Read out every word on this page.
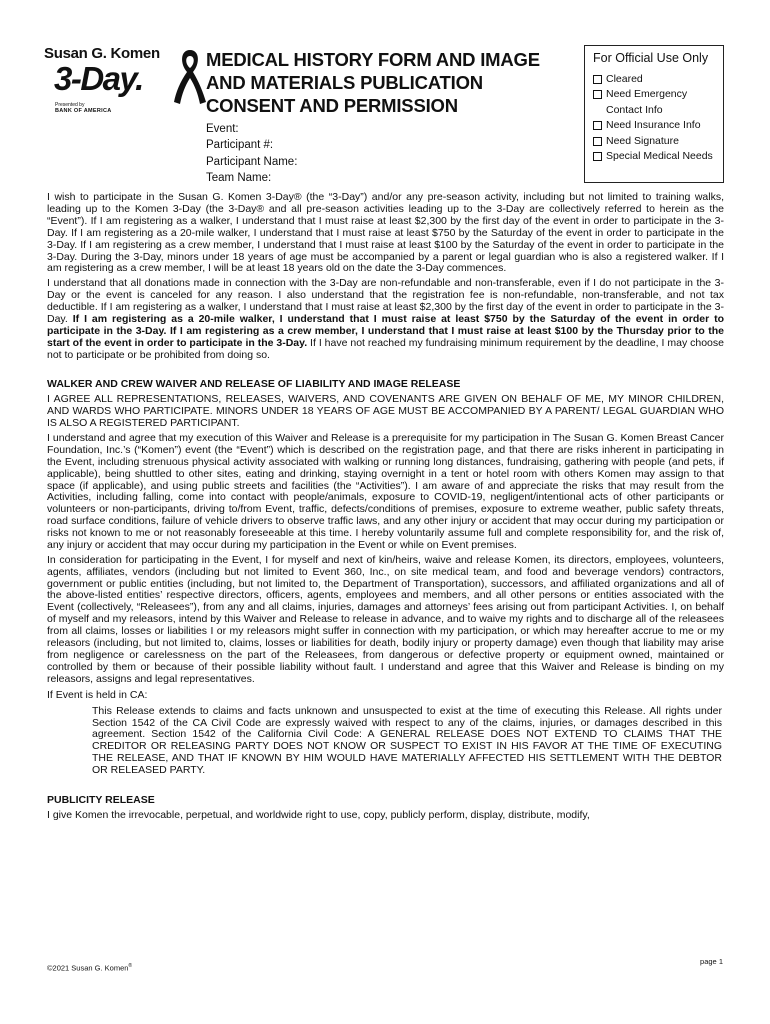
Susan G. Komen
3-Day.
Presented by
BANK OF AMERICA
MEDICAL HISTORY FORM AND IMAGE
AND MATERIALS PUBLICATION
CONSENT AND PERMISSION
Event:
Participant #:
Participant Name:
Team Name:
For Official Use Only
Cleared
Need Emergency Contact Info
Need Insurance Info
Need Signature
Special Medical Needs

I wish to participate in the Susan G. Komen 3-Day® (the “3-Day”) and/or any pre-season activity, including but not limited to training walks, leading up to the Komen 3-Day (the 3-Day® and all pre-season activities leading up to the 3-Day are collectively referred to herein as the “Event”). If I am registering as a walker, I understand that I must raise at least $2,300 by the first day of the event in order to participate in the 3-Day. If I am registering as a 20-mile walker, I understand that I must raise at least $750 by the Saturday of the event in order to participate in the 3-Day. If I am registering as a crew member, I understand that I must raise at least $100 by the Saturday of the event in order to participate in the 3-Day. During the 3-Day, minors under 18 years of age must be accompanied by a parent or legal guardian who is also a registered walker. If I am registering as a crew member, I will be at least 18 years old on the date the 3-Day commences.

I understand that all donations made in connection with the 3-Day are non-refundable and non-transferable, even if I do not participate in the 3-Day or the event is canceled for any reason. I also understand that the registration fee is non-refundable, non-transferable, and not tax deductible. If I am registering as a walker, I understand that I must raise at least $2,300 by the first day of the event in order to participate in the 3-Day. If I am registering as a 20-mile walker, I understand that I must raise at least $750 by the Saturday of the event in order to participate in the 3-Day. If I am registering as a crew member, I understand that I must raise at least $100 by the Thursday prior to the start of the event in order to participate in the 3-Day. If I have not reached my fundraising minimum requirement by the deadline, I may choose not to participate or be prohibited from doing so.

WALKER AND CREW WAIVER AND RELEASE OF LIABILITY AND IMAGE RELEASE

I AGREE ALL REPRESENTATIONS, RELEASES, WAIVERS, AND COVENANTS ARE GIVEN ON BEHALF OF ME, MY MINOR CHILDREN, AND WARDS WHO PARTICIPATE. MINORS UNDER 18 YEARS OF AGE MUST BE ACCOMPANIED BY A PARENT/ LEGAL GUARDIAN WHO IS ALSO A REGISTERED PARTICIPANT.

I understand and agree that my execution of this Waiver and Release is a prerequisite for my participation in The Susan G. Komen Breast Cancer Foundation, Inc.’s (“Komen”) event (the “Event”) which is described on the registration page, and that there are risks inherent in participating in the Event, including strenuous physical activity associated with walking or running long distances, fundraising, gathering with people (and pets, if applicable), being shuttled to other sites, eating and drinking, staying overnight in a tent or hotel room with others Komen may assign to that space (if applicable), and using public streets and facilities (the “Activities”). I am aware of and appreciate the risks that may result from the Activities, including falling, come into contact with people/animals, exposure to COVID-19, negligent/intentional acts of other participants or volunteers or non-participants, driving to/from Event, traffic, defects/conditions of premises, exposure to extreme weather, public safety threats, road surface conditions, failure of vehicle drivers to observe traffic laws, and any other injury or accident that may occur during my participation or risks not known to me or not reasonably foreseeable at this time. I hereby voluntarily assume full and complete responsibility for, and the risk of, any injury or accident that may occur during my participation in the Event or while on Event premises.

In consideration for participating in the Event, I for myself and next of kin/heirs, waive and release Komen, its directors, employees, volunteers, agents, affiliates, vendors (including but not limited to Event 360, Inc., on site medical team, and food and beverage vendors) contractors, government or public entities (including, but not limited to, the Department of Transportation), successors, and affiliated organizations and all of the above-listed entities’ respective directors, officers, agents, employees and members, and all other persons or entities associated with the Event (collectively, “Releasees”), from any and all claims, injuries, damages and attorneys’ fees arising out from participant Activities. I, on behalf of myself and my releasors, intend by this Waiver and Release to release in advance, and to waive my rights and to discharge all of the releasees from all claims, losses or liabilities I or my releasors might suffer in connection with my participation, or which may hereafter accrue to me or my releasors (including, but not limited to, claims, losses or liabilities for death, bodily injury or property damage) even though that liability may arise from negligence or carelessness on the part of the Releasees, from dangerous or defective property or equipment owned, maintained or controlled by them or because of their possible liability without fault. I understand and agree that this Waiver and Release is binding on my releasors, assigns and legal representatives.

If Event is held in CA:

This Release extends to claims and facts unknown and unsuspected to exist at the time of executing this Release. All rights under Section 1542 of the CA Civil Code are expressly waived with respect to any of the claims, injuries, or damages described in this agreement. Section 1542 of the California Civil Code: A GENERAL RELEASE DOES NOT EXTEND TO CLAIMS THAT THE CREDITOR OR RELEASING PARTY DOES NOT KNOW OR SUSPECT TO EXIST IN HIS FAVOR AT THE TIME OF EXECUTING THE RELEASE, AND THAT IF KNOWN BY HIM WOULD HAVE MATERIALLY AFFECTED HIS SETTLEMENT WITH THE DEBTOR OR RELEASED PARTY.

PUBLICITY RELEASE

I give Komen the irrevocable, perpetual, and worldwide right to use, copy, publicly perform, display, distribute, modify,

©2021 Susan G. Komen®	page 1
